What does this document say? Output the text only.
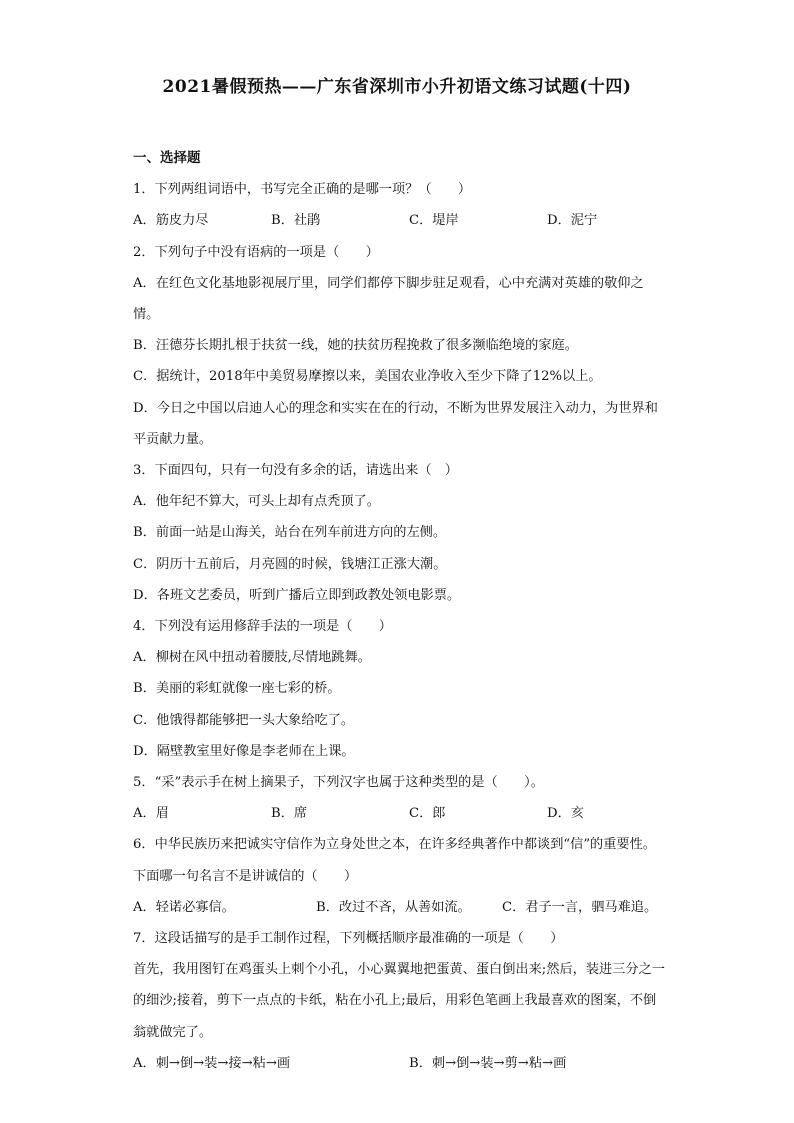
2021暑假预热——广东省深圳市小升初语文练习试题(十四)
一、选择题
1．下列两组词语中，书写完全正确的是哪一项？（　　）
A．筋皮力尽	B．社鹃	C．堤岸	D．泥宁
2．下列句子中没有语病的一项是（　　）
A．在红色文化基地影视展厅里，同学们都停下脚步驻足观看，心中充满对英雄的敬仰之情。
B．汪德芬长期扎根于扶贫一线，她的扶贫历程挽救了很多濒临绝境的家庭。
C．据统计，2018年中美贸易摩擦以来，美国农业净收入至少下降了12%以上。
D．今日之中国以启迪人心的理念和实实在在的行动，不断为世界发展注入动力，为世界和平贡献力量。
3．下面四句，只有一句没有多余的话，请选出来（　）
A．他年纪不算大，可头上却有点秃顶了。
B．前面一站是山海关，站台在列车前进方向的左侧。
C．阴历十五前后，月亮圆的时候，钱塘江正涨大潮。
D．各班文艺委员，听到广播后立即到政教处领电影票。
4．下列没有运用修辞手法的一项是（　　）
A．柳树在风中扭动着腰肢,尽情地跳舞。
B．美丽的彩虹就像一座七彩的桥。
C．他饿得都能够把一头大象给吃了。
D．隔壁教室里好像是李老师在上课。
5．“采”表示手在树上摘果子，下列汉字也属于这种类型的是（　　）。
A．眉	B．席	C．郎	D．亥
6．中华民族历来把诚实守信作为立身处世之本，在许多经典著作中都谈到“信”的重要性。下面哪一句名言不是讲诚信的（　　）
A．轻诺必寡信。	B．改过不吝，从善如流。	C．君子一言，驷马难追。
7．这段话描写的是手工制作过程，下列概括顺序最准确的一项是（　　）
首先，我用图钉在鸡蛋头上刺个小孔，小心翼翼地把蛋黄、蛋白倒出来;然后，装进三分之一的细沙;接着，剪下一点点的卡纸，粘在小孔上;最后，用彩色笔画上我最喜欢的图案，不倒翁就做完了。
A．刺→倒→装→接→粘→画	B．刺→倒→装→剪→粘→画
